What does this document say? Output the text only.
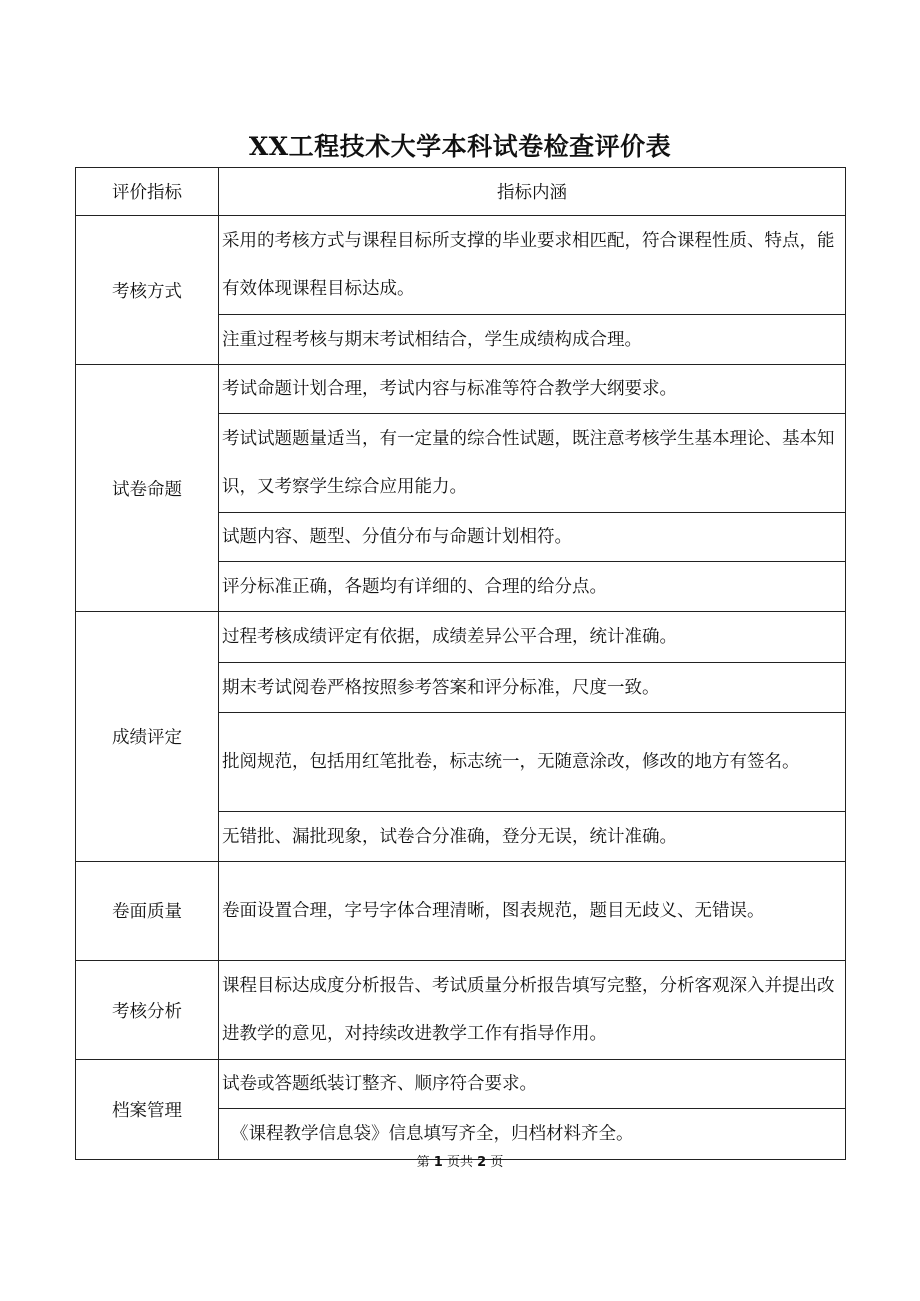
XX工程技术大学本科试卷检查评价表
评价指标	指标内涵
考核方式	采用的考核方式与课程目标所支撑的毕业要求相匹配，符合课程性质、特点，能有效体现课程目标达成。
	注重过程考核与期末考试相结合，学生成绩构成合理。
试卷命题	考试命题计划合理，考试内容与标准等符合教学大纲要求。
	考试试题题量适当，有一定量的综合性试题，既注意考核学生基本理论、基本知识，又考察学生综合应用能力。
	试题内容、题型、分值分布与命题计划相符。
	评分标准正确，各题均有详细的、合理的给分点。
成绩评定	过程考核成绩评定有依据，成绩差异公平合理，统计准确。
	期末考试阅卷严格按照参考答案和评分标准，尺度一致。
	批阅规范，包括用红笔批卷，标志统一，无随意涂改，修改的地方有签名。
	无错批、漏批现象，试卷合分准确，登分无误，统计准确。
卷面质量	卷面设置合理，字号字体合理清晰，图表规范，题目无歧义、无错误。
考核分析	课程目标达成度分析报告、考试质量分析报告填写完整，分析客观深入并提出改进教学的意见，对持续改进教学工作有指导作用。
档案管理	试卷或答题纸装订整齐、顺序符合要求。
	《课程教学信息袋》信息填写齐全，归档材料齐全。
第 1 页共 2 页
